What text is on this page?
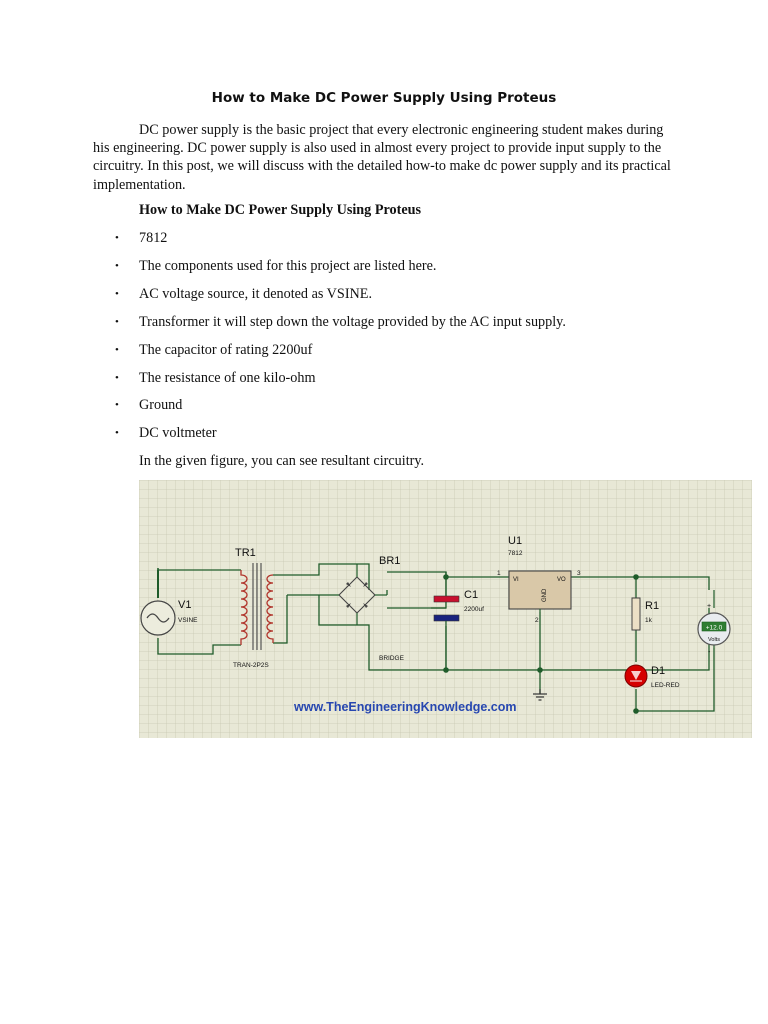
How to Make DC Power Supply Using Proteus

DC power supply is the basic project that every electronic engineering student makes during his engineering. DC power supply is also used in almost every project to provide input supply to the circuitry. In this post, we will discuss with the detailed how-to make dc power supply and its practical implementation.

How to Make DC Power Supply Using Proteus
• 7812
• The components used for this project are listed here.
• AC voltage source, it denoted as VSINE.
• Transformer it will step down the voltage provided by the AC input supply.
• The capacitor of rating 2200uf
• The resistance of one kilo-ohm
• Ground
• DC voltmeter
In the given figure, you can see resultant circuitry.
V1
VSINE
TR1
TRAN-2P2S
BR1
BRIDGE
C1
2200uf
U1
7812
VI	VO
GND
1	3
2
R1
1k
D1
LED-RED
+12.0
Volts
+
-
www.TheEngineeringKnowledge.com
